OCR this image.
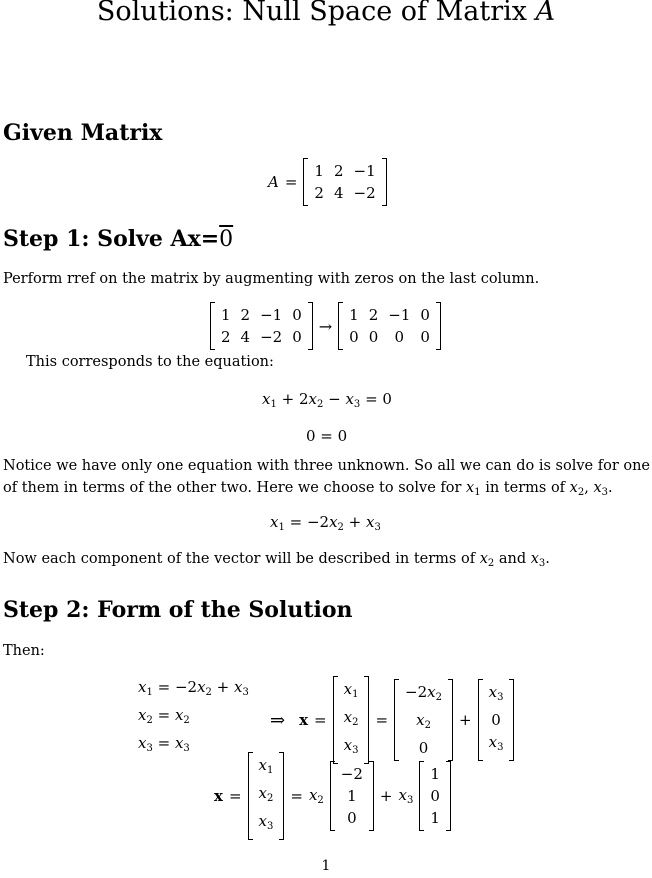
Solutions: Null Space of Matrix A
Given Matrix
A =
1	2	−1
2	4	−2
Step 1: Solve Ax=0
Perform rref on the matrix by augmenting with zeros on the last column.
1	2	−1	0
2	4	−2	0
→
1	2	−1	0
0	0	0	0
This corresponds to the equation:
$x_1 + 2x_2 - x_3 = 0$
0 = 0
Notice we have only one equation with three unknown. So all we can do is solve for one of them in terms of the other two. Here we choose to solve for $x_1$ in terms of $x_2$, $x_3$.
$x_1 = -2x_2 + x_3$
Now each component of the vector will be described in terms of $x_2$ and $x_3$.
Step 2: Form of the Solution
Then:
$x_1 = -2x_2 + x_3$
$x_2 = x_2$
$x_3 = x_3$
⇒ x =
$x_1$
$x_2$
$x_3$
=
$-2x_2$
$x_2$
0
+
$x_3$
0
$x_3$
x =
$x_1$
$x_2$
$x_3$
= $x_2$
−2
1
0
+ $x_3$
1
0
1
1
